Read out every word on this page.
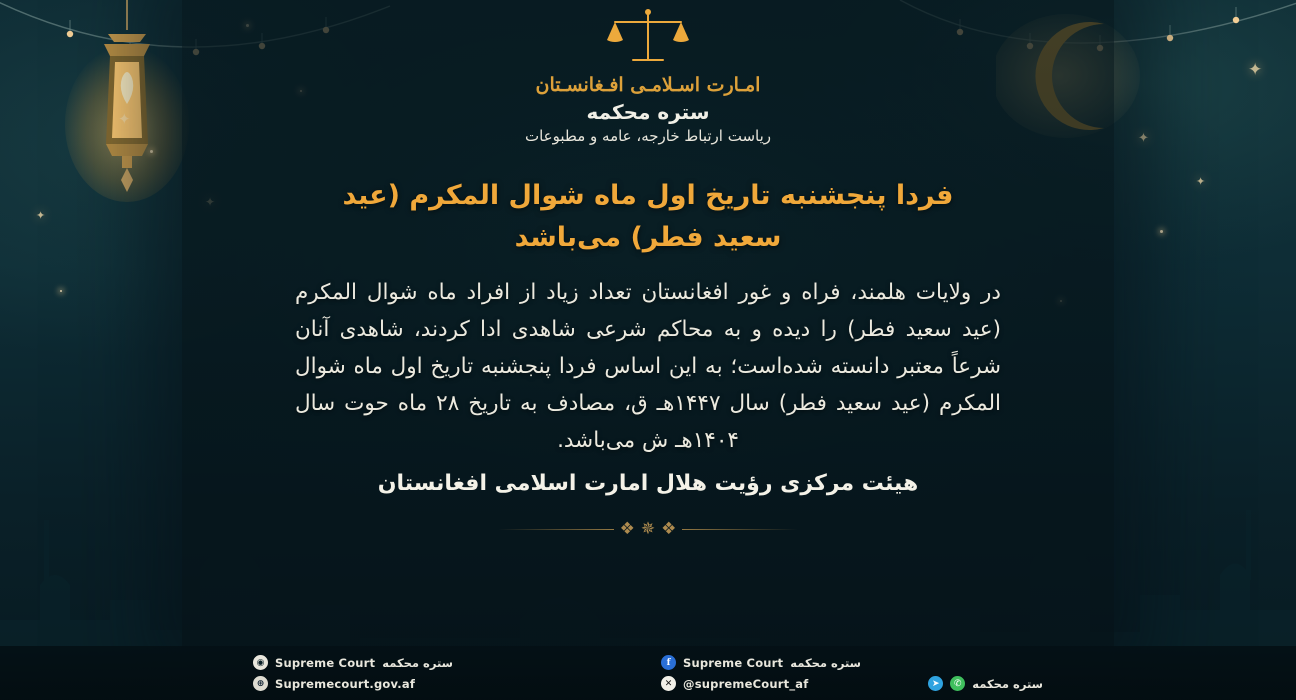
✦
✦
✦
✦
✦
امـارت اسـلامـی افـغانسـتان
ستره محکمه
ریاست ارتباط خارجه، عامه و مطبوعات
فردا پنجشنبه تاریخ اول ماه شوال المکرم (عید سعید فطر) می‌باشد

در ولایات هلمند، فراه و غور افغانستان تعداد زیاد از افراد ماه شوال المکرم (عید سعید فطر) را دیده و به محاکم شرعی شاهدی ادا کردند، شاهدی آنان شرعاً معتبر دانسته شده‌است؛ به این اساس فردا پنجشنبه تاریخ اول ماه شوال المکرم (عید سعید فطر) سال ۱۴۴۷هـ ق، مصادف به تاریخ ۲۸ ماه حوت سال ۱۴۰۴هـ ش می‌باشد.

هیئت مرکزی رؤیت هلال امارت اسلامی افغانستان

❖
✵
❖
◉ Supreme Court ستره محکمه	f	Supreme Court ستره محکمه
⊕ Supremecourt.gov.af	✕ @supremeCourt_af	➤	✆ ستره محکمه
